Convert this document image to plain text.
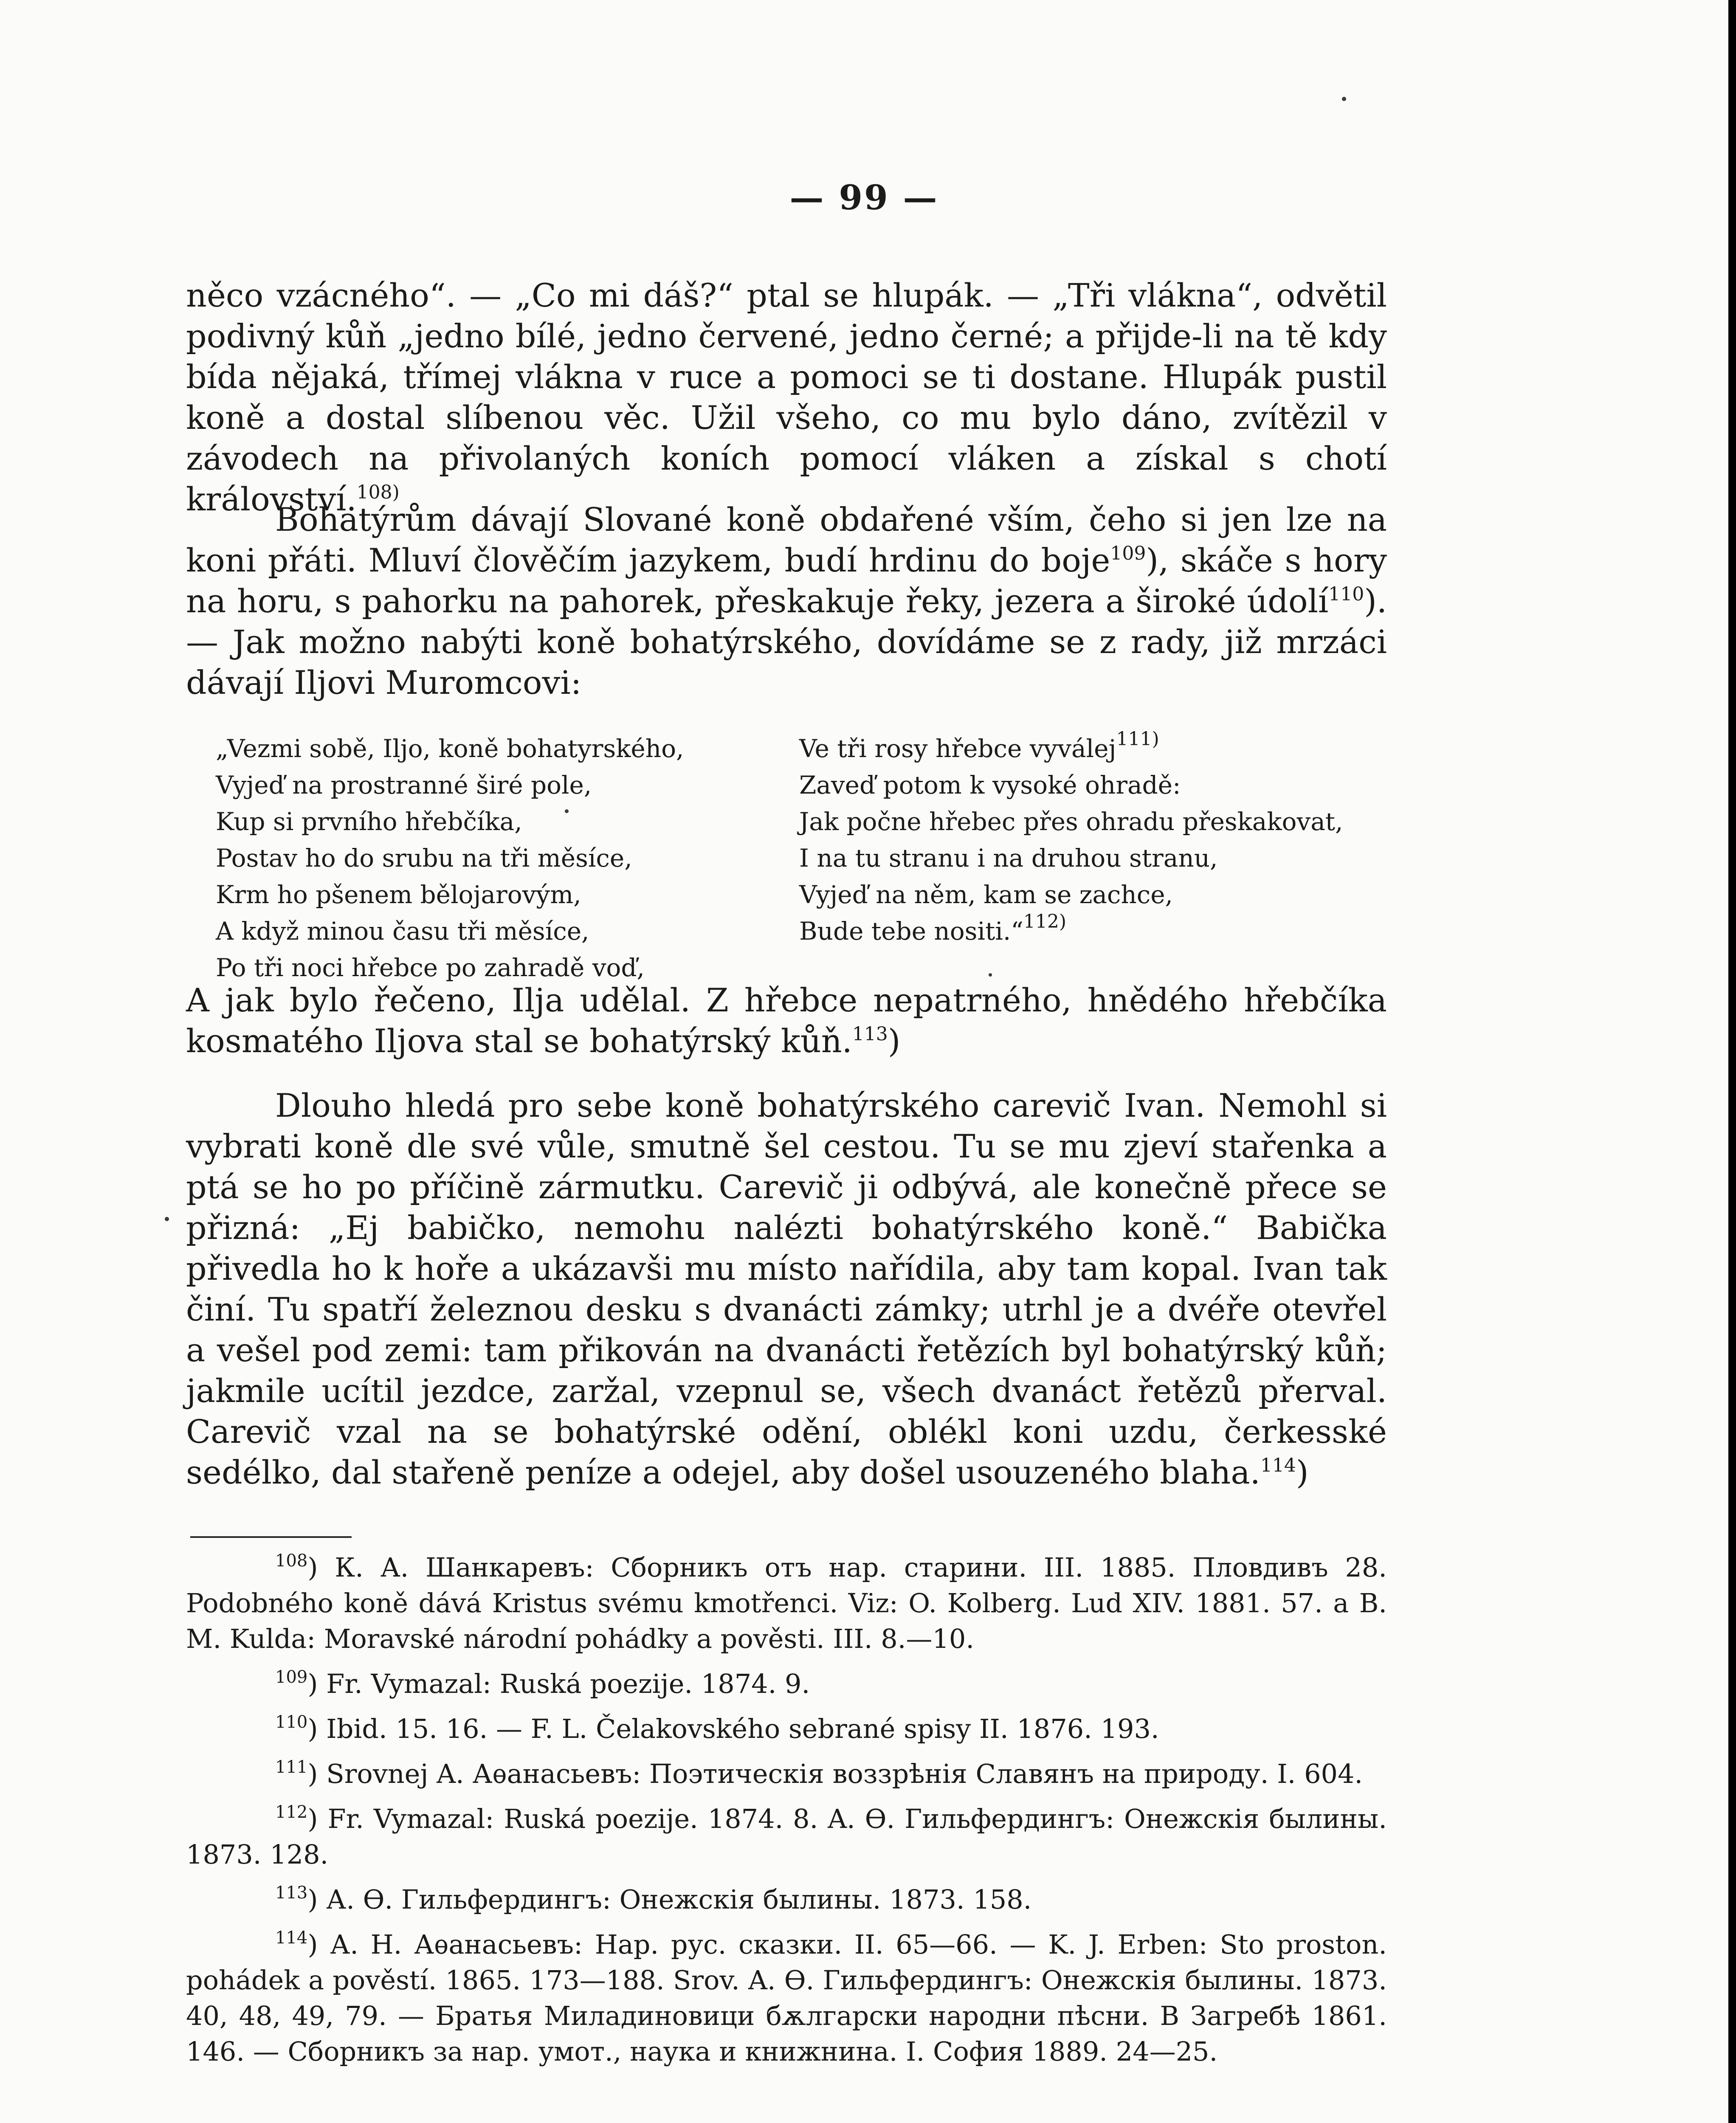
— 99 —

něco vzácného“. — „Co mi dáš?“ ptal se hlupák. — „Tři vlákna“, odvětil podivný kůň „jedno bílé, jedno červené, jedno černé; a přijde-li na tě kdy bída nějaká, třímej vlákna v ruce a pomoci se ti dostane. Hlupák pustil koně a dostal slíbenou věc. Užil všeho, co mu bylo dáno, zvítězil v závodech na přivolaných koních pomocí vláken a získal s chotí království.$^{108)}$

Bohatýrům dávají Slované koně obdařené vším, čeho si jen lze na koni přáti. Mluví člověčím jazykem, budí hrdinu do boje$^{109}$), skáče s hory na horu, s pahorku na pahorek, přeskakuje řeky, jezera a široké údolí$^{110}$). — Jak možno nabýti koně bohatýrského, dovídáme se z rady, již mrzáci dávají Iljovi Muromcovi:

„Vezmi sobě, Iljo, koně bohatyrského,
Vyjeď na prostranné širé pole,
Kup si prvního hřebčíka,
Postav ho do srubu na tři měsíce,
Krm ho pšenem bělojarovým,
A když minou času tři měsíce,
Po tři noci hřebce po zahradě voď,
Ve tři rosy hřebce vyválej$^{111)}$
Zaveď potom k vysoké ohradě:
Jak počne hřebec přes ohradu přeskakovat,
I na tu stranu i na druhou stranu,
Vyjeď na něm, kam se zachce,
Bude tebe nositi.“$^{112)}$

A jak bylo řečeno, Ilja udělal. Z hřebce nepatrného, hnědého hřebčíka kosmatého Iljova stal se bohatýrský kůň.$^{113}$)

Dlouho hledá pro sebe koně bohatýrského carevič Ivan. Nemohl si vybrati koně dle své vůle, smutně šel cestou. Tu se mu zjeví stařenka a ptá se ho po příčině zármutku. Carevič ji odbývá, ale konečně přece se přizná: „Ej babičko, nemohu nalézti bohatýrského koně.“ Babička přivedla ho k hoře a ukázavši mu místo nařídila, aby tam kopal. Ivan tak činí. Tu spatří železnou desku s dvanácti zámky; utrhl je a dvéře otevřel a vešel pod zemi: tam přikován na dvanácti řetězích byl bohatýrský kůň; jakmile ucítil jezdce, zaržal, vzepnul se, všech dvanáct řetězů přerval. Carevič vzal na se bohatýrské odění, oblékl koni uzdu, čerkesské sedélko, dal stařeně peníze a odejel, aby došel usouzeného blaha.$^{114}$)

$^{108}$) К. А. Шанкаревъ: Сборникъ отъ нар. старини. III. 1885. Пловдивъ 28. Podobného koně dává Kristus svému kmotřenci. Viz: O. Kolberg. Lud XIV. 1881. 57. a B. M. Kulda: Moravské národní pohádky a pověsti. III. 8.—10.

$^{109}$) Fr. Vymazal: Ruská poezije. 1874. 9.

$^{110}$) Ibid. 15. 16. — F. L. Čelakovského sebrané spisy II. 1876. 193.

$^{111}$) Srovnej A. Аѳанасьевъ: Поэтическія воззрѣнія Славянъ на природу. I. 604.

$^{112}$) Fr. Vymazal: Ruská poezije. 1874. 8. A. Ѳ. Гильфердингъ: Онежскія былины. 1873. 128.

$^{113}$) А. Ѳ. Гильфердингъ: Онежскія былины. 1873. 158.

$^{114}$) А. Н. Аѳанасьевъ: Нар. рус. сказки. II. 65—66. — K. J. Erben: Sto proston. pohádek a pověstí. 1865. 173—188. Srov. A. Ѳ. Гильфердингъ: Онежскія былины. 1873. 40, 48, 49, 79. — Братья Миладиновици бѫлгарски народни пѣсни. В Загребѣ 1861. 146. — Сборникъ за нар. умот., наука и книжнина. I. София 1889. 24—25.
